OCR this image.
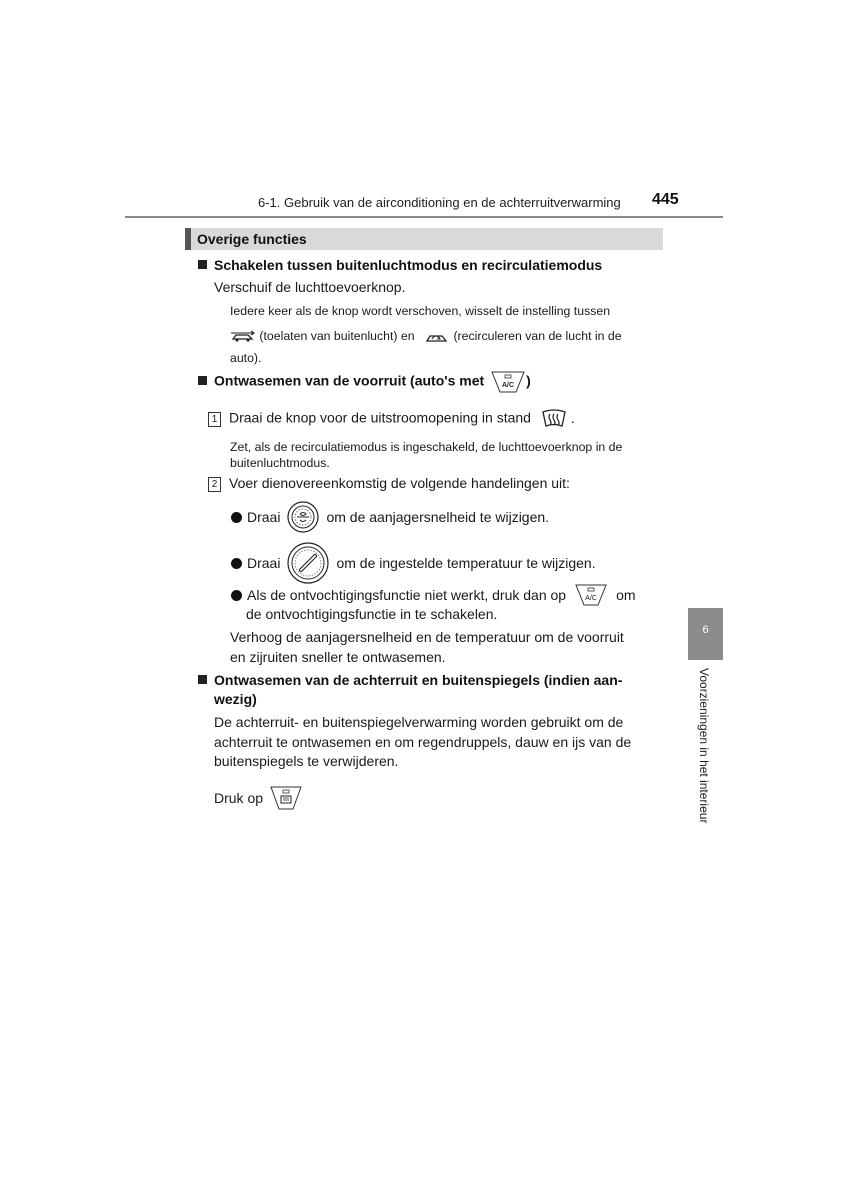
6-1. Gebruik van de airconditioning en de achterruitverwarming 445
Overige functies
Schakelen tussen buitenluchtmodus en recirculatiemodus
Verschuif de luchttoevoerknop.
Iedere keer als de knop wordt verschoven, wisselt de instelling tussen
(toelaten van buitenlucht) en	(recirculeren van de lucht in de
auto).
Ontwasemen van de voorruit (auto's met	A/C )
1 Draai de knop voor de uitstroomopening in stand	.
Zet, als de recirculatiemodus is ingeschakeld, de luchttoevoerknop in de
buitenluchtmodus.
2 Voer dienovereenkomstig de volgende handelingen uit:
Draai	om de aanjagersnelheid te wijzigen.
Draai	om de ingestelde temperatuur te wijzigen.
Als de ontvochtigingsfunctie niet werkt, druk dan op	A/C om
de ontvochtigingsfunctie in te schakelen.
Verhoog de aanjagersnelheid en de temperatuur om de voorruit
en zijruiten sneller te ontwasemen.
Ontwasemen van de achterruit en buitenspiegels (indien aan-
wezig)
De achterruit- en buitenspiegelverwarming worden gebruikt om de
achterruit te ontwasemen en om regendruppels, dauw en ijs van de
buitenspiegels te verwijderen.
Druk op
6
Voorzieningen in het interieur
